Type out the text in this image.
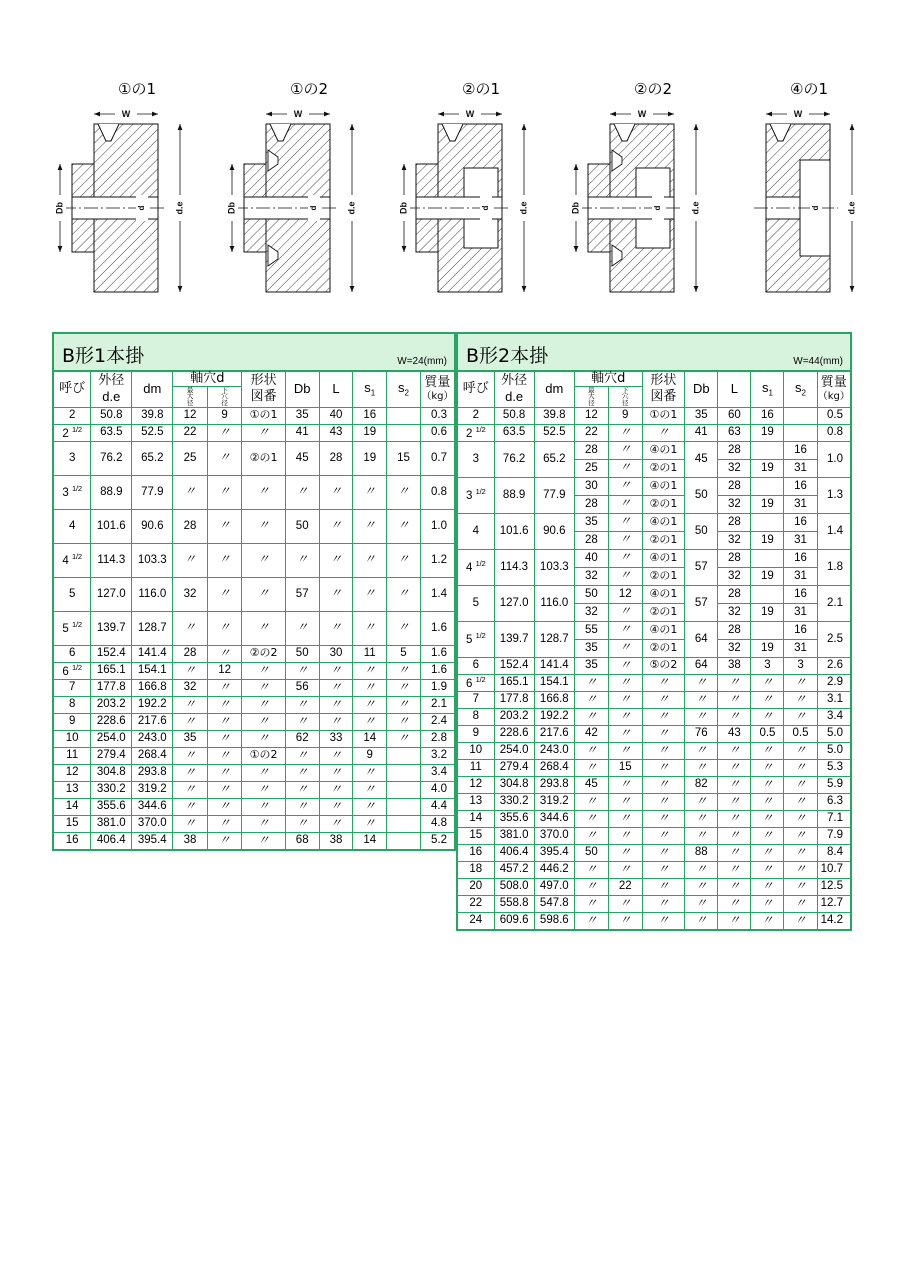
①の1
W
Db	d.e
d
①の2
W
Db	d.e
d
②の1
W
Db	d.e
d
②の2
W
Db	d.e
d
④の1
W
d.e
d
B形1本掛	W=24(mm)
呼び	
外径
d.e
	dm	軸穴d	形状
図番
	Db	L	$s_1$	$s_2$	
質量
（kg）

			最
大
径	下
穴
径						
2	50.8	39.8	12	9	①の1	35	40	16		0.3
2 $^{1/2}$	63.5	52.5	22	〃	〃	41	43	19		0.6
3	76.2	65.2	25	〃	②の1	45	28	19	15	0.7
3 $^{1/2}$	88.9	77.9	〃	〃	〃	〃	〃	〃	〃	0.8
4	101.6	90.6	28	〃	〃	50	〃	〃	〃	1.0
4 $^{1/2}$	114.3	103.3	〃	〃	〃	〃	〃	〃	〃	1.2
5	127.0	116.0	32	〃	〃	57	〃	〃	〃	1.4
5 $^{1/2}$	139.7	128.7	〃	〃	〃	〃	〃	〃	〃	1.6
6	152.4	141.4	28	〃	②の2	50	30	11	5	1.6
6 $^{1/2}$	165.1	154.1	〃	12	〃	〃	〃	〃	〃	1.6
7	177.8	166.8	32	〃	〃	56	〃	〃	〃	1.9
8	203.2	192.2	〃	〃	〃	〃	〃	〃	〃	2.1
9	228.6	217.6	〃	〃	〃	〃	〃	〃	〃	2.4
10	254.0	243.0	35	〃	〃	62	33	14	〃	2.8
11	279.4	268.4	〃	〃	①の2	〃	〃	9		3.2
12	304.8	293.8	〃	〃	〃	〃	〃	〃		3.4
13	330.2	319.2	〃	〃	〃	〃	〃	〃		4.0
14	355.6	344.6	〃	〃	〃	〃	〃	〃		4.4
15	381.0	370.0	〃	〃	〃	〃	〃	〃		4.8
16	406.4	395.4	38	〃	〃	68	38	14		5.2
B形2本掛	W=44(mm)
呼び	
外径
d.e
	dm	軸穴d	形状
図番
	Db	L	$s_1$	$s_2$	
質量
（kg）

			最
大
径	下
穴
径						
2	50.8	39.8	12	9	①の1	35	60	16		0.5
2 $^{1/2}$	63.5	52.5	22	〃	〃	41	63	19		0.8
3	76.2	65.2	28	〃	④の1	45	28		16	1.0
			25	〃	②の1		32	19	31	
3 $^{1/2}$	88.9	77.9	30	〃	④の1	50	28		16	1.3
			28	〃	②の1		32	19	31	
4	101.6	90.6	35	〃	④の1	50	28		16	1.4
			28	〃	②の1		32	19	31	
4 $^{1/2}$	114.3	103.3	40	〃	④の1	57	28		16	1.8
			32	〃	②の1		32	19	31	
5	127.0	116.0	50	12	④の1	57	28		16	2.1
			32	〃	②の1		32	19	31	
5 $^{1/2}$	139.7	128.7	55	〃	④の1	64	28		16	2.5
			35	〃	②の1		32	19	31	
6	152.4	141.4	35	〃	⑤の2	64	38	3	3	2.6
6 $^{1/2}$	165.1	154.1	〃	〃	〃	〃	〃	〃	〃	2.9
7	177.8	166.8	〃	〃	〃	〃	〃	〃	〃	3.1
8	203.2	192.2	〃	〃	〃	〃	〃	〃	〃	3.4
9	228.6	217.6	42	〃	〃	76	43	0.5	0.5	5.0
10	254.0	243.0	〃	〃	〃	〃	〃	〃	〃	5.0
11	279.4	268.4	〃	15	〃	〃	〃	〃	〃	5.3
12	304.8	293.8	45	〃	〃	82	〃	〃	〃	5.9
13	330.2	319.2	〃	〃	〃	〃	〃	〃	〃	6.3
14	355.6	344.6	〃	〃	〃	〃	〃	〃	〃	7.1
15	381.0	370.0	〃	〃	〃	〃	〃	〃	〃	7.9
16	406.4	395.4	50	〃	〃	88	〃	〃	〃	8.4
18	457.2	446.2	〃	〃	〃	〃	〃	〃	〃	10.7
20	508.0	497.0	〃	22	〃	〃	〃	〃	〃	12.5
22	558.8	547.8	〃	〃	〃	〃	〃	〃	〃	12.7
24	609.6	598.6	〃	〃	〃	〃	〃	〃	〃	14.2
